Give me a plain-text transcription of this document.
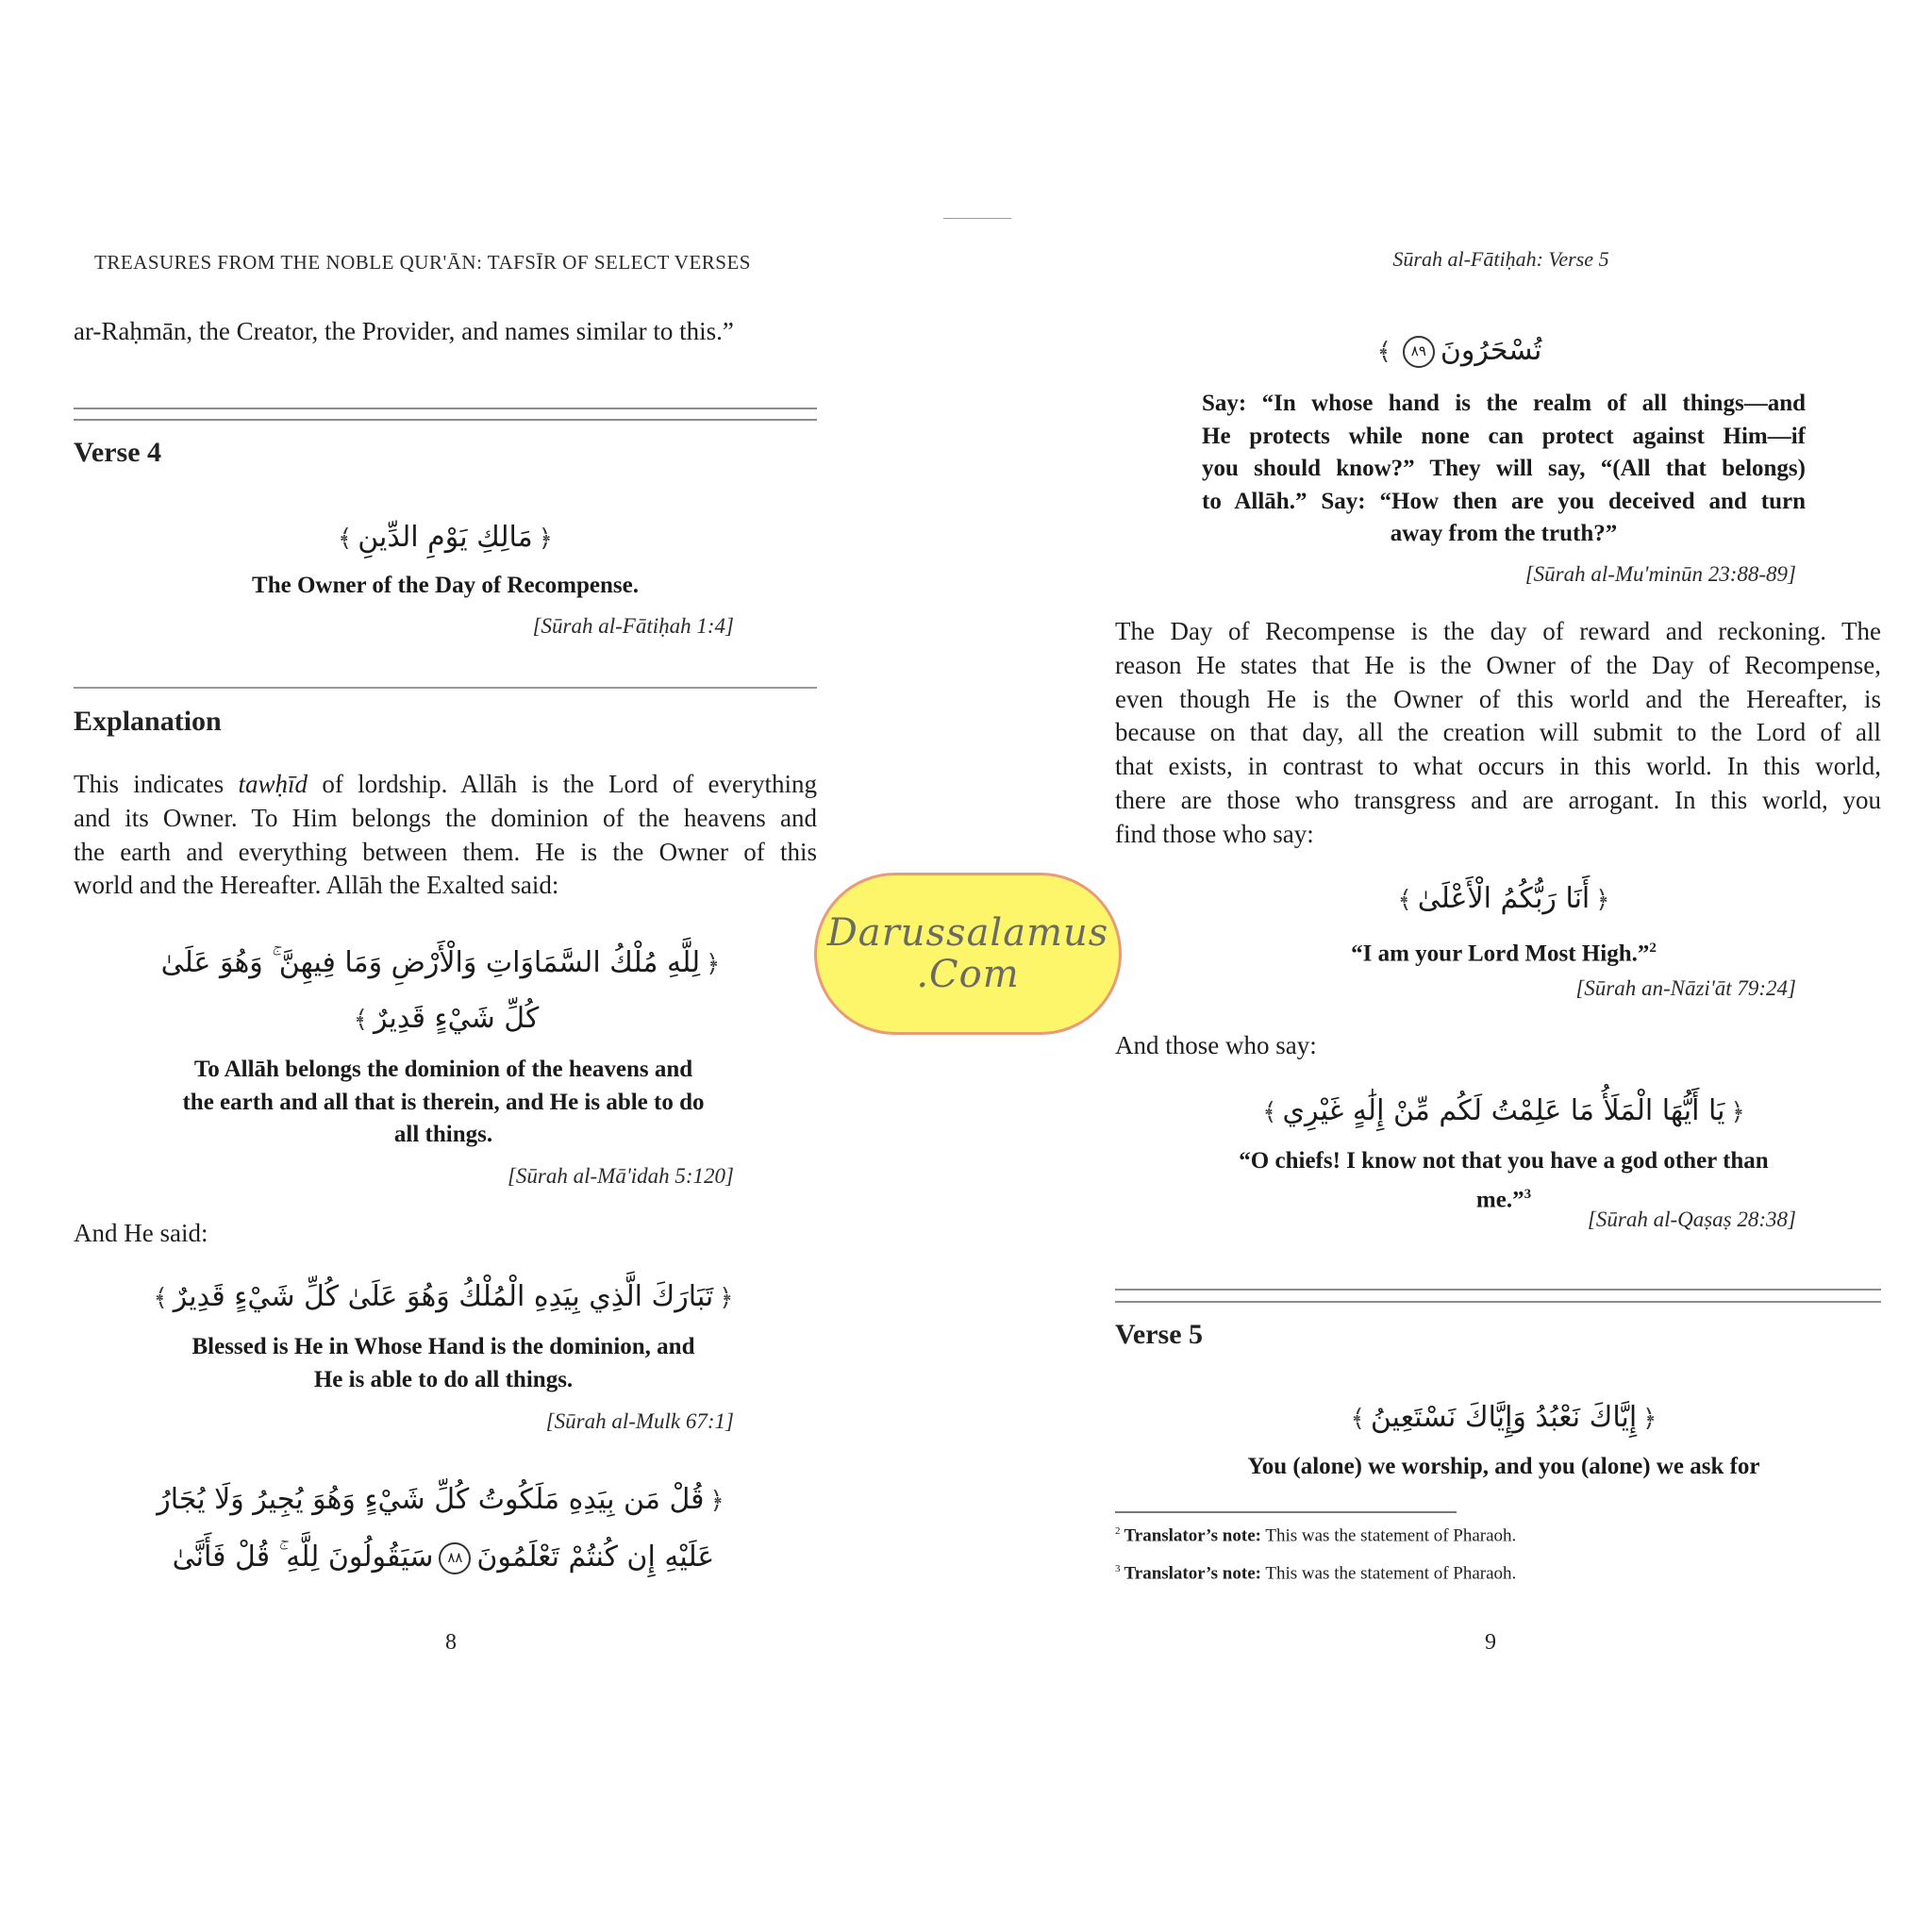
TREASURES FROM THE NOBLE QUR'ĀN: TAFSĪR OF SELECT VERSES
ar-Raḥmān, the Creator, the Provider, and names similar to this.”
Verse 4
﴿مَالِكِ يَوْمِ الدِّينِ﴾
The Owner of the Day of Recompense.
[Sūrah al-Fātiḥah 1:4]
Explanation
This indicates tawḥīd of lordship. Allāh is the Lord of everything
and its Owner. To Him belongs the dominion of the heavens and
the earth and everything between them. He is the Owner of this
world and the Hereafter. Allāh the Exalted said:
﴿لِلَّهِ مُلْكُ السَّمَاوَاتِ وَالْأَرْضِ وَمَا فِيهِنَّ ۚ وَهُوَ عَلَىٰ
كُلِّ شَيْءٍ قَدِيرٌ﴾
To Allāh belongs the dominion of the heavens and
the earth and all that is therein, and He is able to do
all things.
[Sūrah al-Mā'idah 5:120]
And He said:
﴿تَبَارَكَ الَّذِي بِيَدِهِ الْمُلْكُ وَهُوَ عَلَىٰ كُلِّ شَيْءٍ قَدِيرٌ﴾
Blessed is He in Whose Hand is the dominion, and
He is able to do all things.
[Sūrah al-Mulk 67:1]
﴿قُلْ مَن بِيَدِهِ مَلَكُوتُ كُلِّ شَيْءٍ وَهُوَ يُجِيرُ وَلَا يُجَارُ
عَلَيْهِ إِن كُنتُمْ تَعْلَمُونَ٨٨سَيَقُولُونَ لِلَّهِ ۚ قُلْ فَأَنَّىٰ
8
Sūrah al-Fātiḥah: Verse 5
تُسْحَرُونَ٨٩﴾
Say: “In whose hand is the realm of all things—and
He protects while none can protect against Him—if
you should know?” They will say, “(All that belongs)
to Allāh.” Say: “How then are you deceived and turn
away from the truth?”
[Sūrah al-Mu'minūn 23:88-89]
The Day of Recompense is the day of reward and reckoning. The
reason He states that He is the Owner of the Day of Recompense,
even though He is the Owner of this world and the Hereafter, is
because on that day, all the creation will submit to the Lord of all
that exists, in contrast to what occurs in this world. In this world,
there are those who transgress and are arrogant. In this world, you
find those who say:
﴿أَنَا رَبُّكُمُ الْأَعْلَىٰ﴾
“I am your Lord Most High.”$^2$
[Sūrah an-Nāzi'āt 79:24]
And those who say:
﴿يَا أَيُّهَا الْمَلَأُ مَا عَلِمْتُ لَكُم مِّنْ إِلَٰهٍ غَيْرِي﴾
“O chiefs! I know not that you have a god other than
me.”$^3$
[Sūrah al-Qaṣaṣ 28:38]
Verse 5
﴿إِيَّاكَ نَعْبُدُ وَإِيَّاكَ نَسْتَعِينُ﴾
You (alone) we worship, and you (alone) we ask for
$^2$ Translator’s note: This was the statement of Pharaoh.
$^3$ Translator’s note: This was the statement of Pharaoh.
9
Darussalamus
.Com
